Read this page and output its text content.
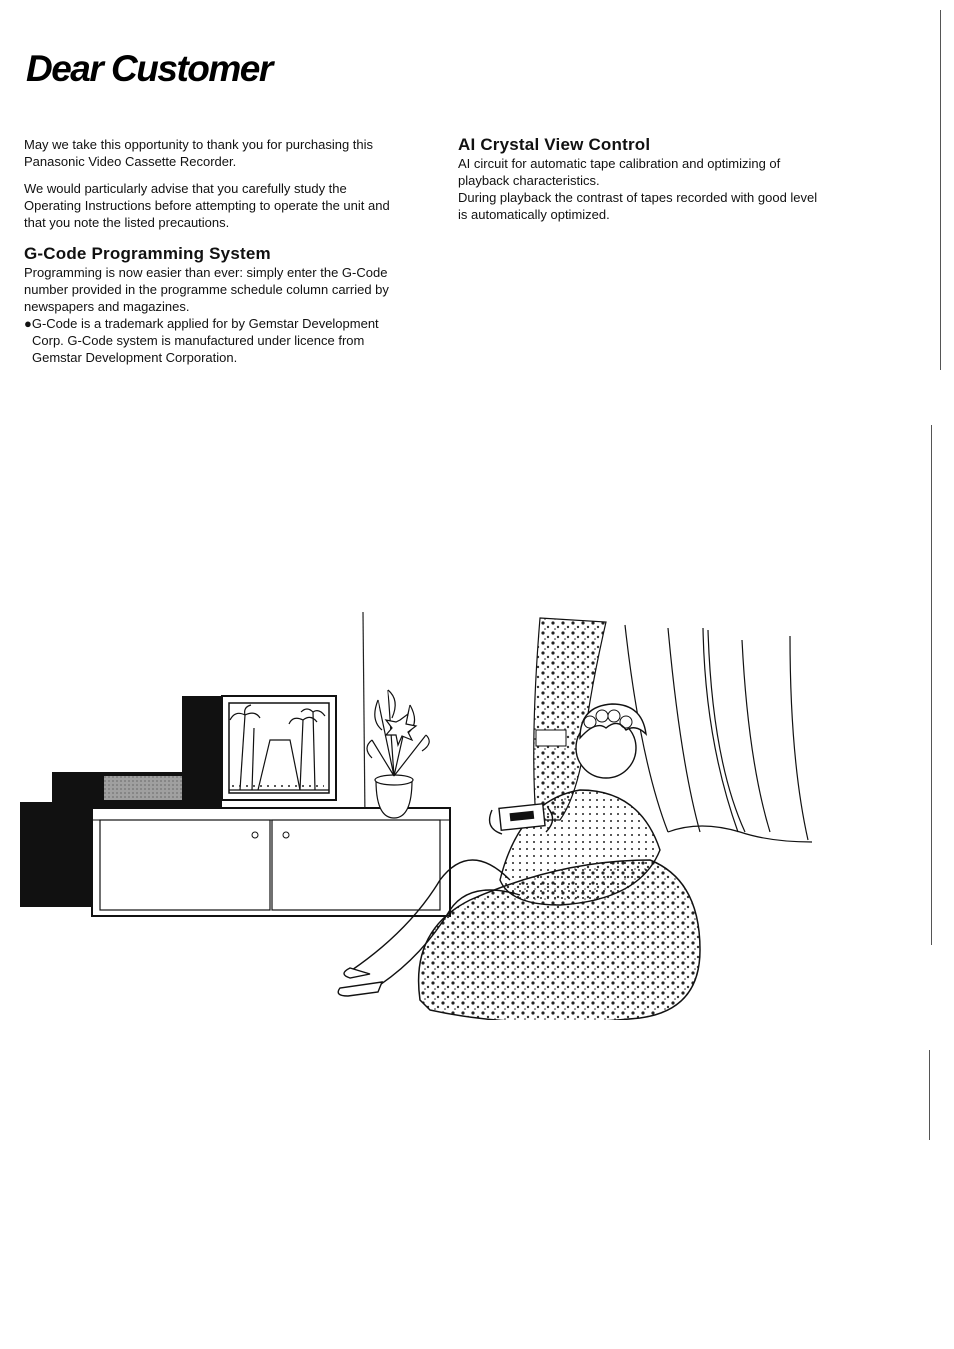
Dear Customer

May we take this opportunity to thank you for purchasing this Panasonic Video Cassette Recorder.

We would particularly advise that you carefully study the Operating Instructions before attempting to operate the unit and that you note the listed precautions.

G-Code Programming System

Programming is now easier than ever: simply enter the G-Code number provided in the programme schedule column carried by newspapers and magazines.

●G-Code is a trademark applied for by Gemstar Development Corp. G-Code system is manufactured under licence from Gemstar Development Corporation.

AI Crystal View Control

AI circuit for automatic tape calibration and optimizing of playback characteristics.

During playback the contrast of tapes recorded with good level is automatically optimized.
